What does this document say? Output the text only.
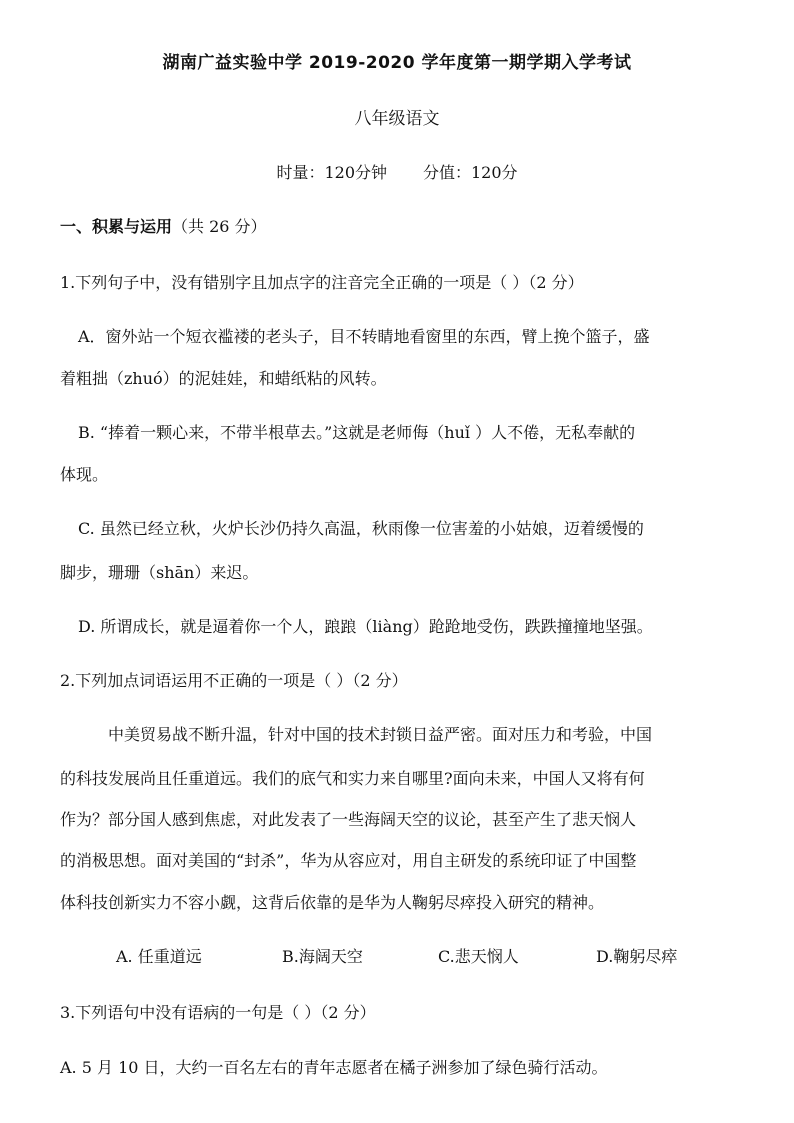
湖南广益实验中学 2019-2020 学年度第一期学期入学考试
八年级语文
时量：120分钟 分值：120分
一、积累与运用（共 26 分）
1.下列句子中，没有错别字且加点字的注音完全正确的一项是（ ）（2 分）
A．窗外站一个短衣褴褛的老头子，目不转睛地看窗里的东西，臂上挽个篮子，盛
着粗拙（zhuó）的泥娃娃，和蜡纸粘的风转。
B. “捧着一颗心来，不带半根草去。”这就是老师侮（huǐ ）人不倦，无私奉献的
体现。
C. 虽然已经立秋，火炉长沙仍持久高温，秋雨像一位害羞的小姑娘，迈着缓慢的
脚步，珊珊（shān）来迟。
D. 所谓成长，就是逼着你一个人，踉踉（liàng）跄跄地受伤，跌跌撞撞地坚强。
2.下列加点词语运用不正确的一项是（ ）（2 分）
中美贸易战不断升温，针对中国的技术封锁日益严密。面对压力和考验，中国
的科技发展尚且任重道远。我们的底气和实力来自哪里?面向未来，中国人又将有何
作为？部分国人感到焦虑，对此发表了一些海阔天空的议论，甚至产生了悲天悯人
的消极思想。面对美国的“封杀”，华为从容应对，用自主研发的系统印证了中国整
体科技创新实力不容小觑，这背后依靠的是华为人鞠躬尽瘁投入研究的精神。
A. 任重道远	B.海阔天空	C.悲天悯人	D.鞠躬尽瘁
3.下列语句中没有语病的一句是（ ）（2 分）
A. 5 月 10 日，大约一百名左右的青年志愿者在橘子洲参加了绿色骑行活动。
